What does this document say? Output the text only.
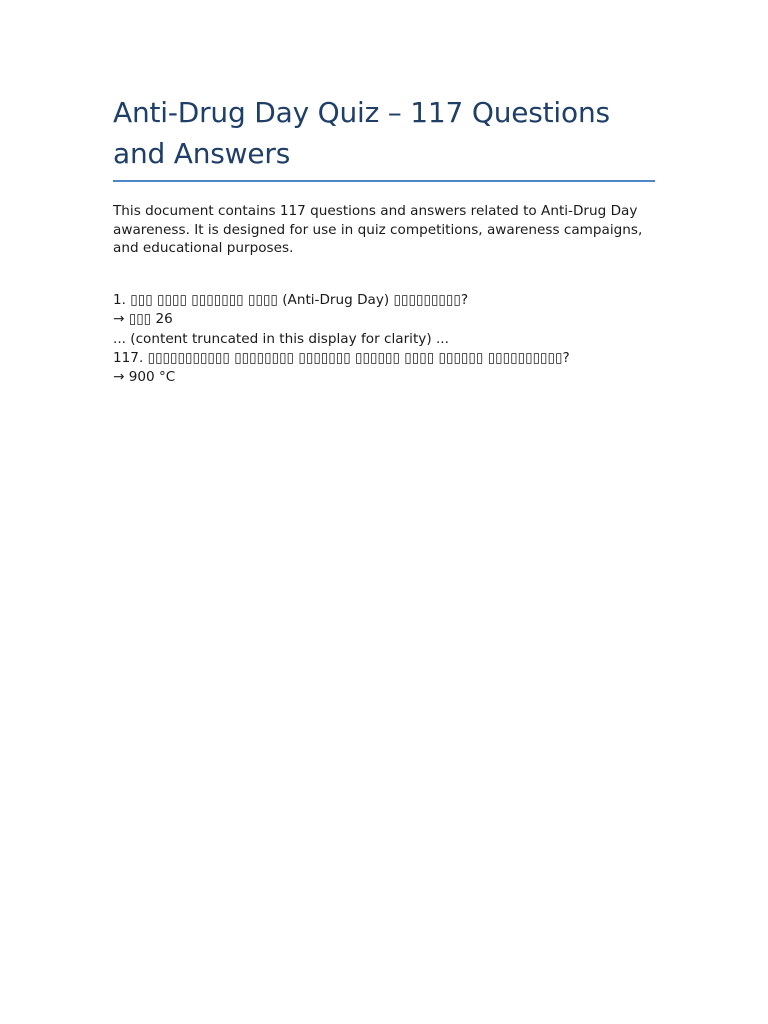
Anti-Drug Day Quiz – 117 Questions and Answers

This document contains 117 questions and answers related to Anti-Drug Day awareness. It is designed for use in quiz competitions, awareness campaigns, and educational purposes.

1. ▯▯▯ ▯▯▯▯ ▯▯▯▯▯▯▯ ▯▯▯▯ (Anti-Drug Day) ▯▯▯▯▯▯▯▯▯?
→ ▯▯▯ 26
... (content truncated in this display for clarity) ...
117. ▯▯▯▯▯▯▯▯▯▯▯ ▯▯▯▯▯▯▯▯ ▯▯▯▯▯▯▯ ▯▯▯▯▯▯ ▯▯▯▯ ▯▯▯▯▯▯ ▯▯▯▯▯▯▯▯▯▯?
→ 900 °C
